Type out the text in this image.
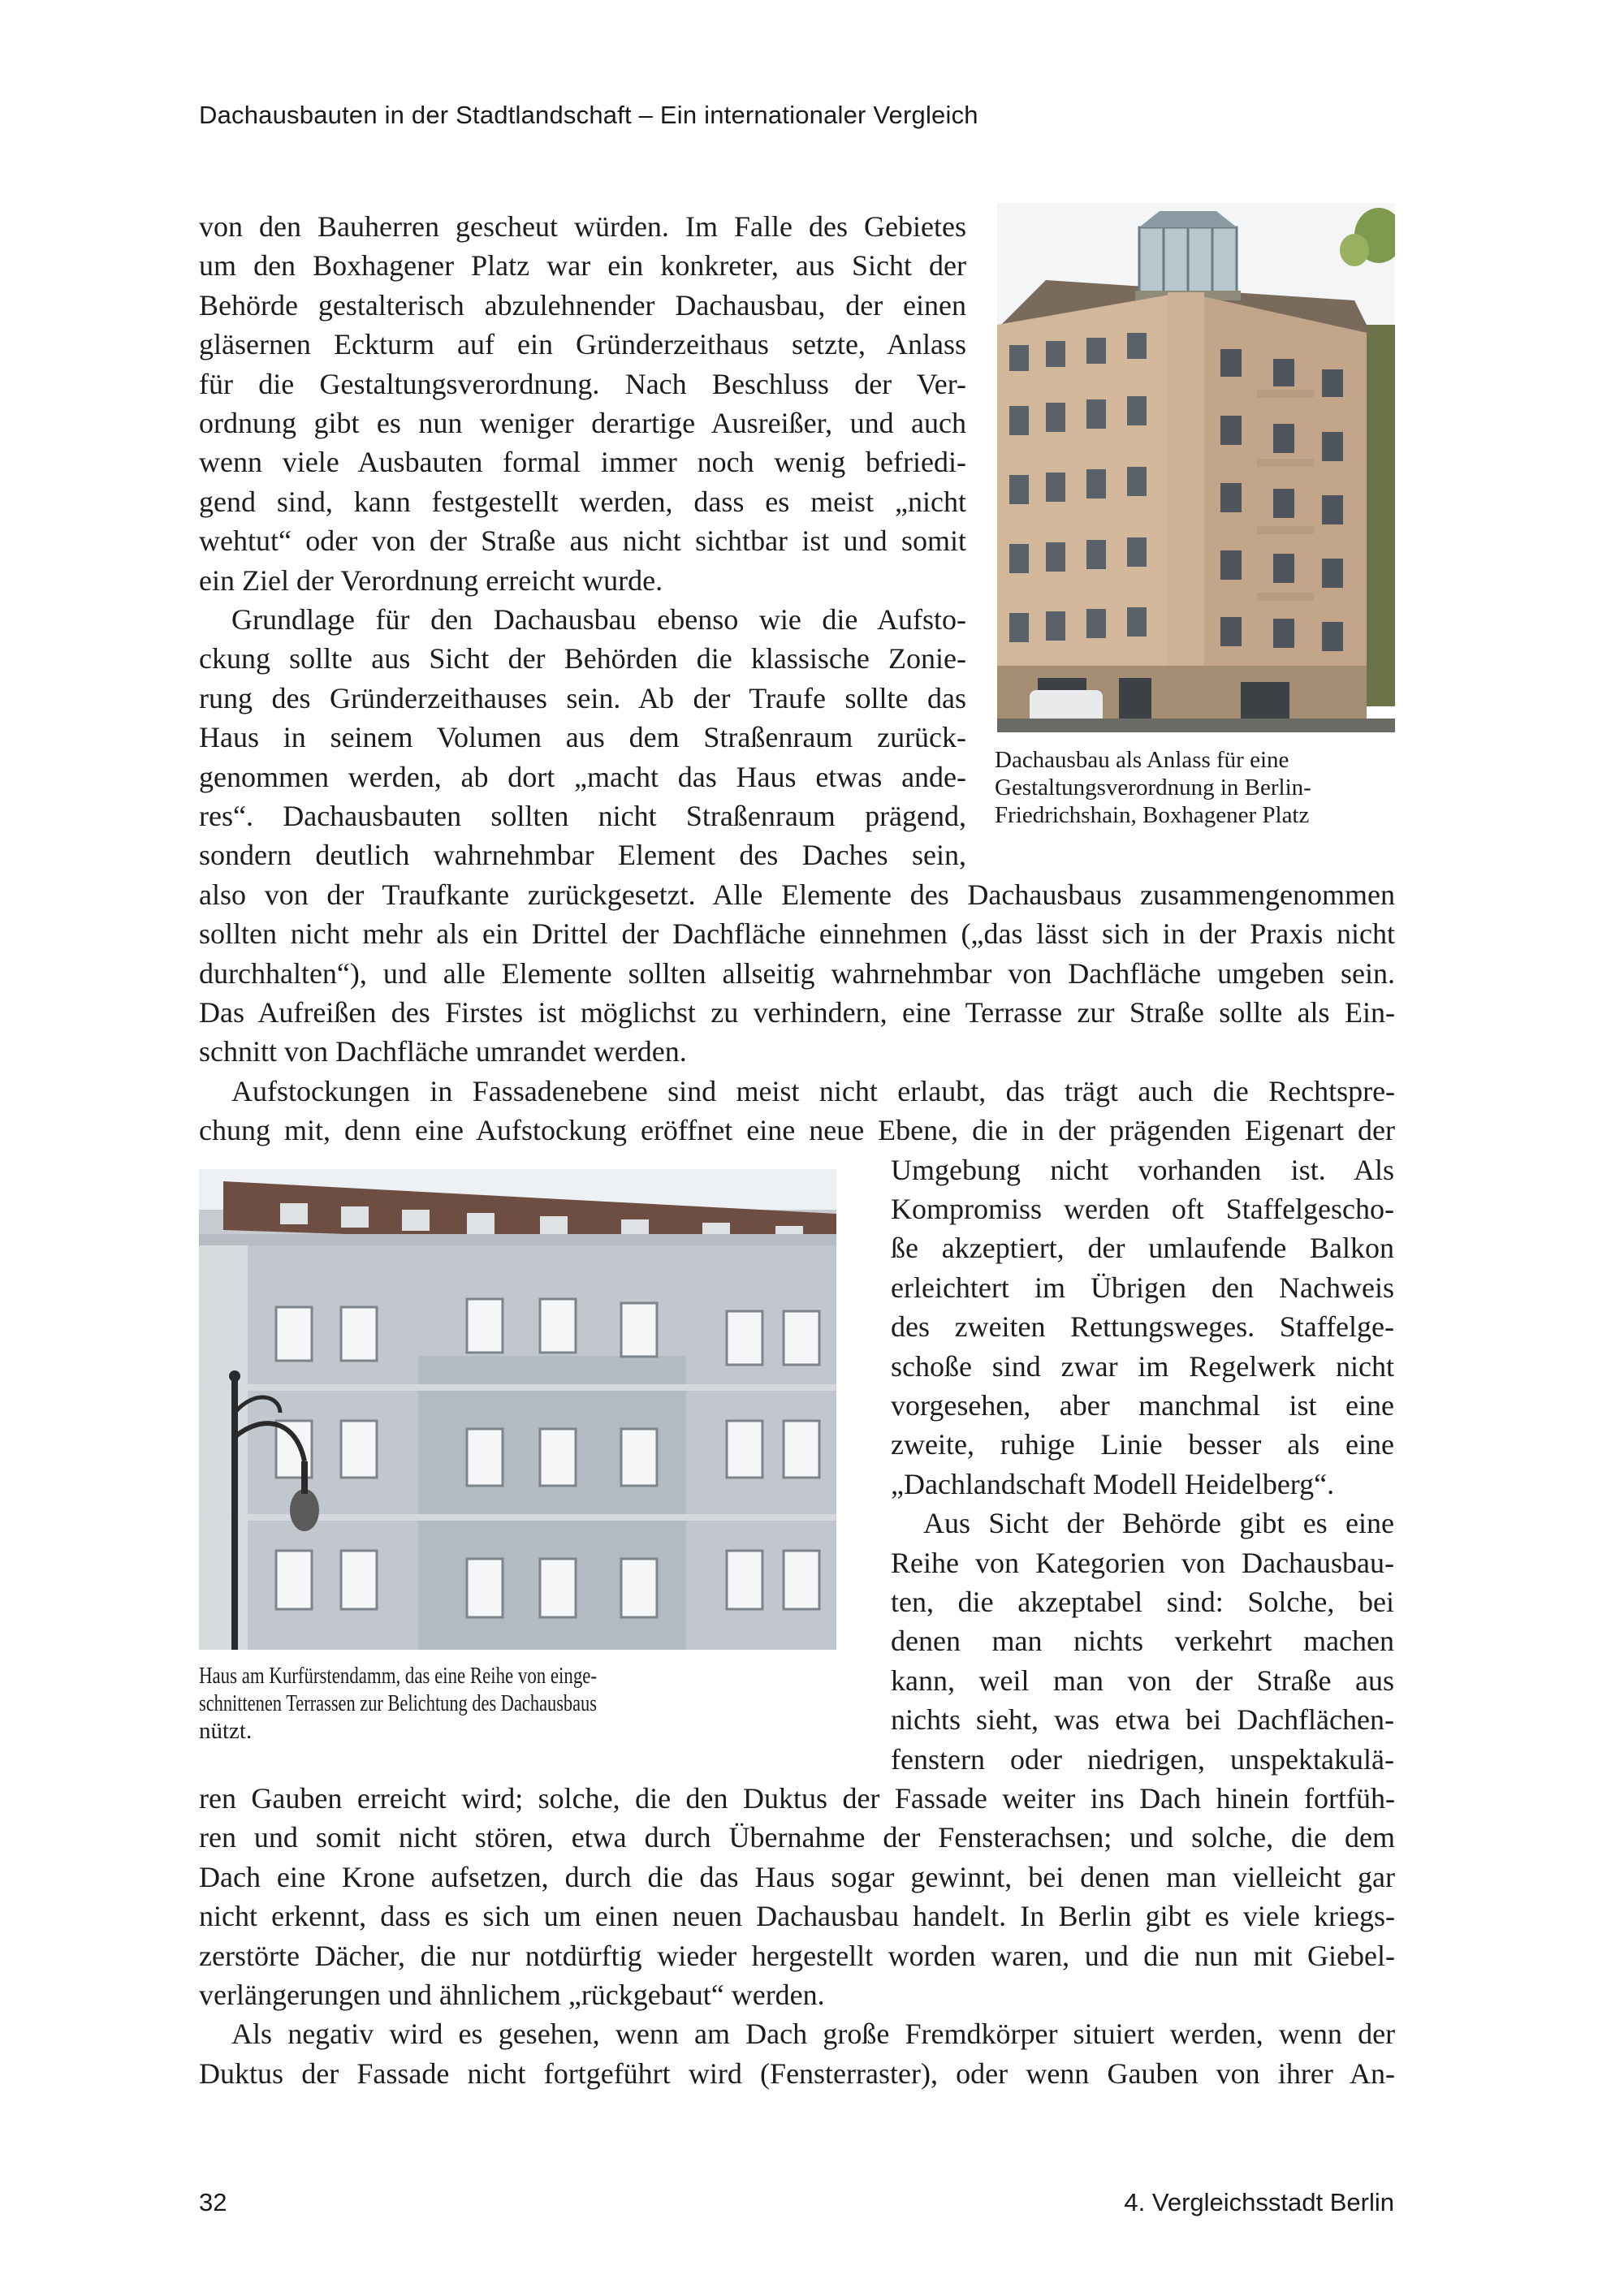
Dachausbauten in der Stadtlandschaft – Ein internationaler Vergleich

von den Bauherren gescheut würden. Im Falle des Gebietes

um den Boxhagener Platz war ein konkreter, aus Sicht der

Behörde gestalterisch abzulehnender Dachausbau, der einen

gläsernen Eckturm auf ein Gründerzeithaus setzte, Anlass

für die Gestaltungsverordnung. Nach Beschluss der Ver-

ordnung gibt es nun weniger derartige Ausreißer, und auch

wenn viele Ausbauten formal immer noch wenig befriedi-

gend sind, kann festgestellt werden, dass es meist „nicht

wehtut“ oder von der Straße aus nicht sichtbar ist und somit

ein Ziel der Verordnung erreicht wurde.

Grundlage für den Dachausbau ebenso wie die Aufsto-

ckung sollte aus Sicht der Behörden die klassische Zonie-

rung des Gründerzeithauses sein. Ab der Traufe sollte das

Haus in seinem Volumen aus dem Straßenraum zurück-

genommen werden, ab dort „macht das Haus etwas ande-

res“. Dachausbauten sollten nicht Straßenraum prägend,

sondern deutlich wahrnehmbar Element des Daches sein,

also von der Traufkante zurückgesetzt. Alle Elemente des Dachausbaus zusammengenommen

sollten nicht mehr als ein Drittel der Dachfläche einnehmen („das lässt sich in der Praxis nicht

durchhalten“), und alle Elemente sollten allseitig wahrnehmbar von Dachfläche umgeben sein.

Das Aufreißen des Firstes ist möglichst zu verhindern, eine Terrasse zur Straße sollte als Ein-

schnitt von Dachfläche umrandet werden.

Aufstockungen in Fassadenebene sind meist nicht erlaubt, das trägt auch die Rechtspre-

chung mit, denn eine Aufstockung eröffnet eine neue Ebene, die in der prägenden Eigenart der

Umgebung nicht vorhanden ist. Als

Kompromiss werden oft Staffelgescho-

ße akzeptiert, der umlaufende Balkon

erleichtert im Übrigen den Nachweis

des zweiten Rettungsweges. Staffelge-

schoße sind zwar im Regelwerk nicht

vorgesehen, aber manchmal ist eine

zweite, ruhige Linie besser als eine

„Dachlandschaft Modell Heidelberg“.

Aus Sicht der Behörde gibt es eine

Reihe von Kategorien von Dachausbau-

ten, die akzeptabel sind: Solche, bei

denen man nichts verkehrt machen

kann, weil man von der Straße aus

nichts sieht, was etwa bei Dachflächen-

fenstern oder niedrigen, unspektakulä-

ren Gauben erreicht wird; solche, die den Duktus der Fassade weiter ins Dach hinein fortfüh-

ren und somit nicht stören, etwa durch Übernahme der Fensterachsen; und solche, die dem

Dach eine Krone aufsetzen, durch die das Haus sogar gewinnt, bei denen man vielleicht gar

nicht erkennt, dass es sich um einen neuen Dachausbau handelt. In Berlin gibt es viele kriegs-

zerstörte Dächer, die nur notdürftig wieder hergestellt worden waren, und die nun mit Giebel-

verlängerungen und ähnlichem „rückgebaut“ werden.

Als negativ wird es gesehen, wenn am Dach große Fremdkörper situiert werden, wenn der

Duktus der Fassade nicht fortgeführt wird (Fensterraster), oder wenn Gauben von ihrer An-

Dachausbau als Anlass für eine

Gestaltungsverordnung in Berlin-

Friedrichshain, Boxhagener Platz

Haus am Kurfürstendamm, das eine Reihe von einge-

schnittenen Terrassen zur Belichtung des Dachausbaus

nützt.

32	4. Vergleichsstadt Berlin
